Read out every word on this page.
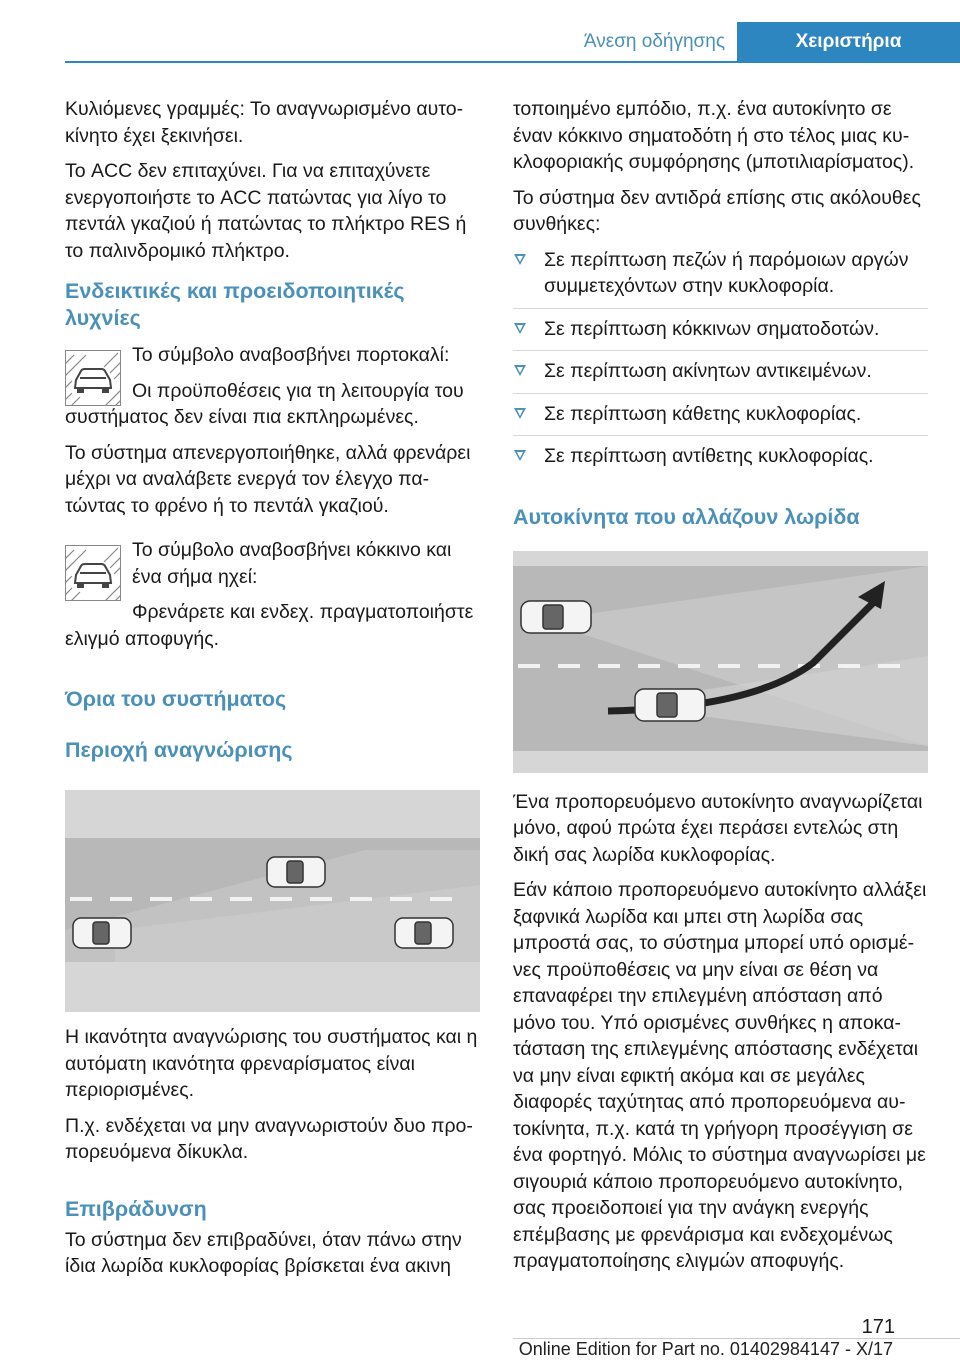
Άνεση οδήγησης	Χειριστήρια

Κυλιόμενες γραμμές: Το αναγνωρισμένο αυτοκίνητο έχει ξεκινήσει.

Το ACC δεν επιταχύνει. Για να επιταχύνετε ενεργοποιήστε το ACC πατώντας για λίγο το πεντάλ γκαζιού ή πατώντας το πλήκτρο RES ή το παλινδρομικό πλήκτρο.

Ενδεικτικές και προειδοποιητικές λυχνίες

Το σύμβολο αναβοσβήνει πορτοκαλί:

Οι προϋποθέσεις για τη λειτουργία του συστήματος δεν είναι πια εκπληρωμένες.

Το σύστημα απενεργοποιήθηκε, αλλά φρενάρει μέχρι να αναλάβετε ενεργά τον έλεγχο πατώντας το φρένο ή το πεντάλ γκαζιού.

Το σύμβολο αναβοσβήνει κόκκινο και ένα σήμα ηχεί:

Φρενάρετε και ενδεχ. πραγματοποιήστε ελιγμό αποφυγής.

Όρια του συστήματος
Περιοχή αναγνώρισης

Η ικανότητα αναγνώρισης του συστήματος και η αυτόματη ικανότητα φρεναρίσματος είναι περιορισμένες.

Π.χ. ενδέχεται να μην αναγνωριστούν δυο προπορευόμενα δίκυκλα.

Επιβράδυνση

Το σύστημα δεν επιβραδύνει, όταν πάνω στην ίδια λωρίδα κυκλοφορίας βρίσκεται ένα ακινη

τοποιημένο εμπόδιο, π.χ. ένα αυτοκίνητο σε έναν κόκκινο σηματοδότη ή στο τέλος μιας κυκλοφοριακής συμφόρησης (μποτιλιαρίσματος).

Το σύστημα δεν αντιδρά επίσης στις ακόλουθες συνθήκες:

Σε περίπτωση πεζών ή παρόμοιων αργών συμμετεχόντων στην κυκλοφορία.
Σε περίπτωση κόκκινων σηματοδοτών.
Σε περίπτωση ακίνητων αντικειμένων.
Σε περίπτωση κάθετης κυκλοφορίας.
Σε περίπτωση αντίθετης κυκλοφορίας.
Αυτοκίνητα που αλλάζουν λωρίδα

Ένα προπορευόμενο αυτοκίνητο αναγνωρίζεται μόνο, αφού πρώτα έχει περάσει εντελώς στη δική σας λωρίδα κυκλοφορίας.

Εάν κάποιο προπορευόμενο αυτοκίνητο αλλάξει ξαφνικά λωρίδα και μπει στη λωρίδα σας μπροστά σας, το σύστημα μπορεί υπό ορισμένες προϋποθέσεις να μην είναι σε θέση να επαναφέρει την επιλεγμένη απόσταση από μόνο του. Υπό ορισμένες συνθήκες η αποκατάσταση της επιλεγμένης απόστασης ενδέχεται να μην είναι εφικτή ακόμα και σε μεγάλες διαφορές ταχύτητας από προπορευόμενα αυτοκίνητα, π.χ. κατά τη γρήγορη προσέγγιση σε ένα φορτηγό. Μόλις το σύστημα αναγνωρίσει με σιγουριά κάποιο προπορευόμενο αυτοκίνητο, σας προειδοποιεί για την ανάγκη ενεργής επέμβασης με φρενάρισμα και ενδεχομένως πραγματοποίησης ελιγμών αποφυγής.

171
Online Edition for Part no. 01402984147 - X/17
